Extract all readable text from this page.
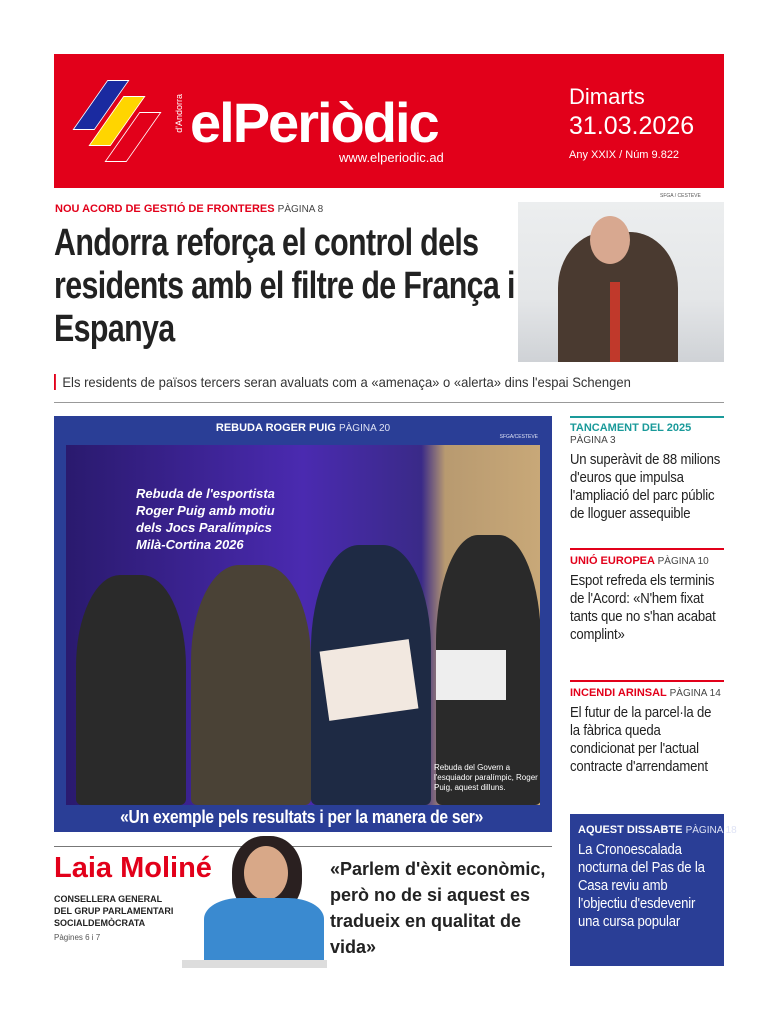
d'Andorra elPeriòdic
www.elperiodic.ad
Dimarts
31.03.2026
Any XXIX / Núm 9.822
NOU ACORD DE GESTIÓ DE FRONTERES PÀGINA 8
Andorra reforça el control dels residents amb el filtre de França i Espanya
SFGA / CESTEVE
Els residents de països tercers seran avaluats com a «amenaça» o «alerta» dins l'espai Schengen
REBUDA ROGER PUIG PÀGINA 20
SFGA/CESTEVE
Rebuda de l'esportista Roger Puig amb motiu dels Jocs Paralímpics Milà-Cortina 2026
Rebuda del Govern a l'esquiador paralímpic, Roger Puig, aquest dilluns.
«Un exemple pels resultats i per la manera de ser»
TANCAMENT DEL 2025 PÀGINA 3
Un superàvit de 88 milions d'euros que impulsa l'ampliació del parc públic de lloguer assequible
UNIÓ EUROPEA PÀGINA 10
Espot refreda els terminis de l'Acord: «N'hem fixat tants que no s'han acabat complint»
INCENDI ARINSAL PÀGINA 14
El futur de la parcel·la de la fàbrica queda condicionat per l'actual contracte d'arrendament
AQUEST DISSABTE PÀGINA 18
La Cronoescalada nocturna del Pas de la Casa reviu amb l'objectiu d'esdevenir una cursa popular
Laia Moliné
CONSELLERA GENERAL DEL GRUP PARLAMENTARI SOCIALDEMÒCRATA
Pàgines 6 i 7
«Parlem d'èxit econòmic, però no de si aquest es tradueix en qualitat de vida»
